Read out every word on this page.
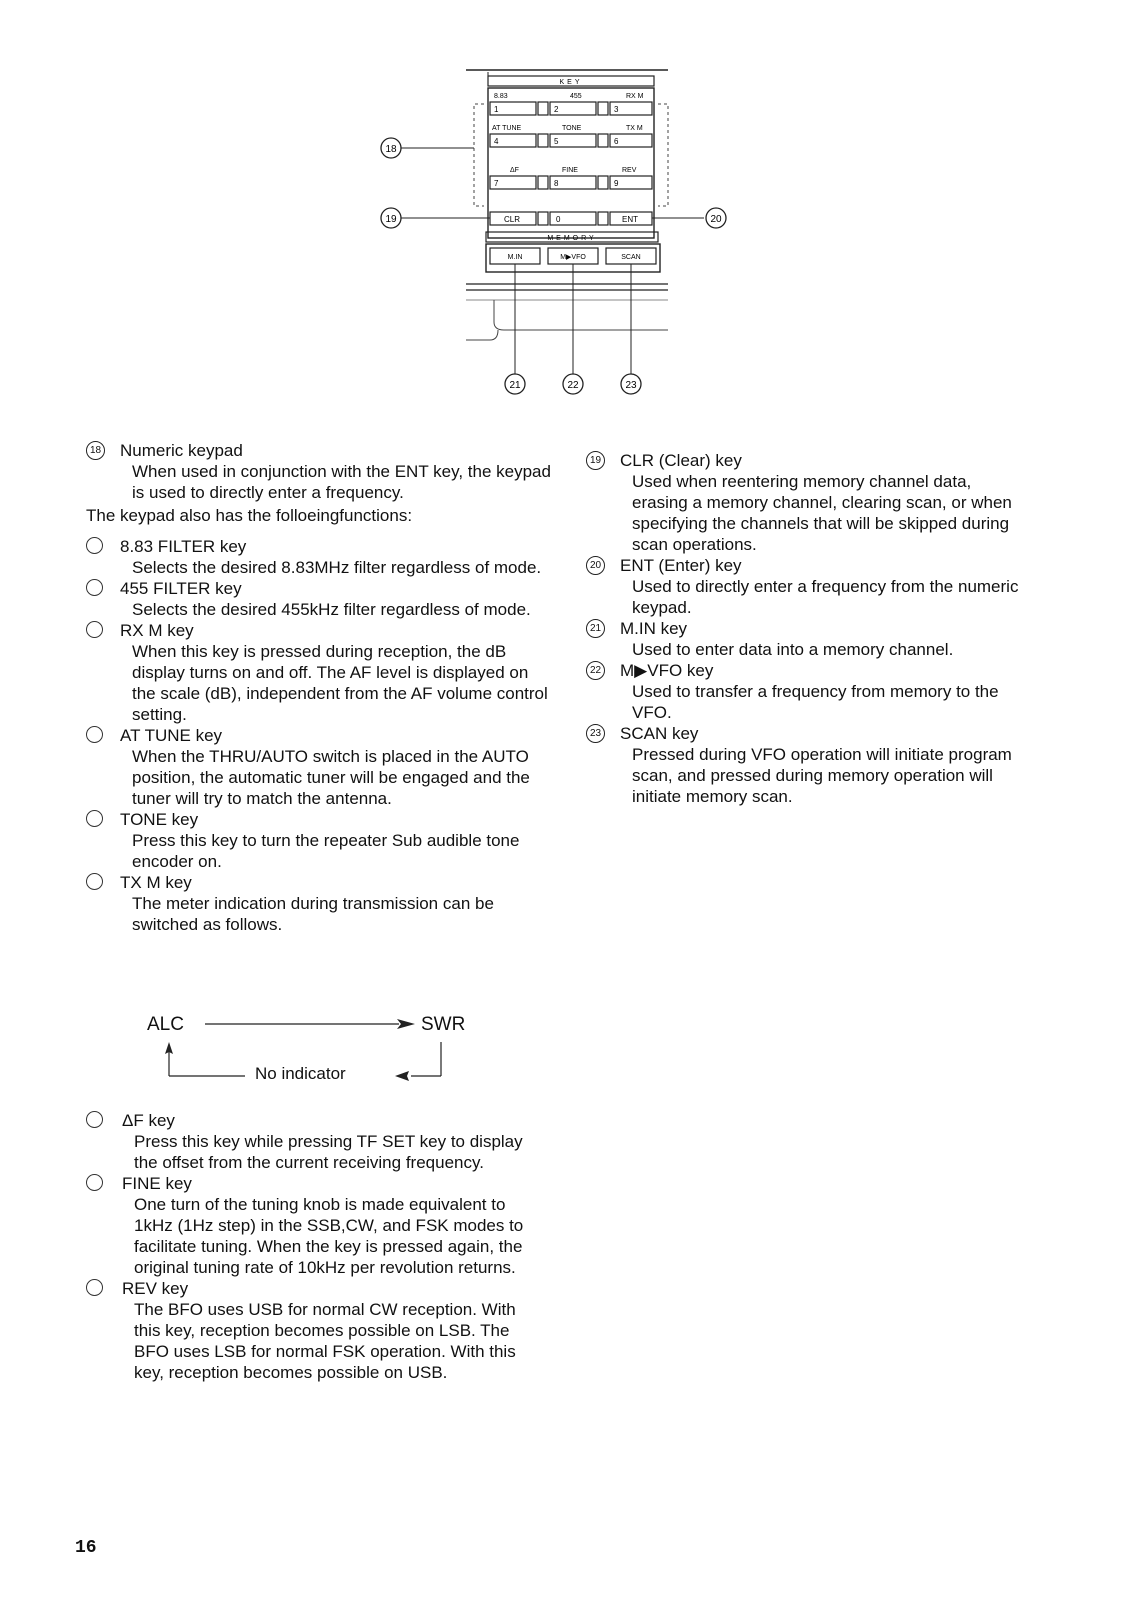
KEY
8.83	455	RX M
1	2	3
AT TUNE	TONE	TX M
4	5	6
ΔF	FINE	REV
7	8	9
CLR	0	ENT
MEMORY
M.IN	M▶VFO	SCAN
18
19	20
21	22	23
18 Numeric keypad
When used in conjunction with the ENT key, the keypad is used to directly enter a frequency.
The keypad also has the folloeingfunctions:
8.83 FILTER key
Selects the desired 8.83MHz filter regardless of mode.
455 FILTER key
Selects the desired 455kHz filter regardless of mode.
RX M key
When this key is pressed during reception, the dB display turns on and off. The AF level is displayed on the scale (dB), independent from the AF volume control setting.
AT TUNE key
When the THRU/AUTO switch is placed in the AUTO position, the automatic tuner will be engaged and the tuner will try to match the antenna.
TONE key
Press this key to turn the repeater Sub audible tone encoder on.
TX M key
The meter indication during transmission can be switched as follows.
ALC	SWR
No indicator
ΔF key
Press this key while pressing TF SET key to display the offset from the current receiving frequency.
FINE key
One turn of the tuning knob is made equivalent to 1kHz (1Hz step) in the SSB,CW, and FSK modes to facilitate tuning. When the key is pressed again, the original tuning rate of 10kHz per revolution returns.
REV key
The BFO uses USB for normal CW reception. With this key, reception becomes possible on LSB. The BFO uses LSB for normal FSK operation. With this key, reception becomes possible on USB.
19 CLR (Clear) key
Used when reentering memory channel data, erasing a memory channel, clearing scan, or when specifying the channels that will be skipped during scan operations.
20 ENT (Enter) key
Used to directly enter a frequency from the numeric keypad.
21 M.IN key
Used to enter data into a memory channel.
22 M▶VFO key
Used to transfer a frequency from memory to the VFO.
23 SCAN key
Pressed during VFO operation will initiate program scan, and pressed during memory operation will initiate memory scan.
16
